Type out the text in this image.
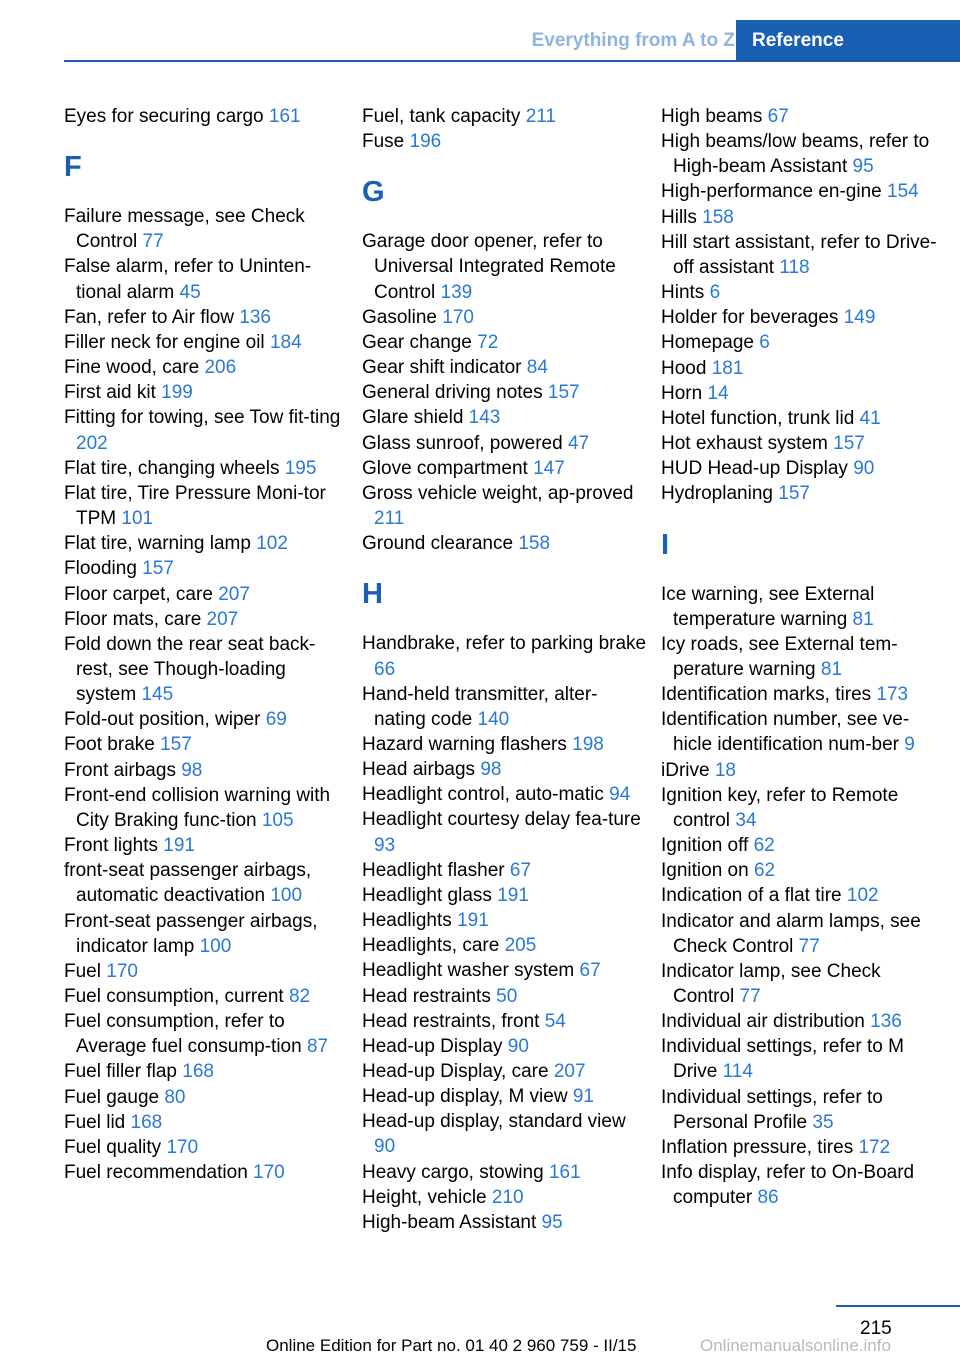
Everything from A to Z Reference
Eyes for securing cargo 161
F
Failure message, see Check Control 77
False alarm, refer to Uninten‐tional alarm 45
Fan, refer to Air flow 136
Filler neck for engine oil 184
Fine wood, care 206
First aid kit 199
Fitting for towing, see Tow fit‐ting 202
Flat tire, changing wheels 195
Flat tire, Tire Pressure Moni‐tor TPM 101
Flat tire, warning lamp 102
Flooding 157
Floor carpet, care 207
Floor mats, care 207
Fold down the rear seat back‐rest, see Though-loading system 145
Fold-out position, wiper 69
Foot brake 157
Front airbags 98
Front-end collision warning with City Braking func‐tion 105
Front lights 191
front-seat passenger airbags, automatic deactivation 100
Front-seat passenger airbags, indicator lamp 100
Fuel 170
Fuel consumption, current 82
Fuel consumption, refer to Average fuel consump‐tion 87
Fuel filler flap 168
Fuel gauge 80
Fuel lid 168
Fuel quality 170
Fuel recommendation 170
Fuel, tank capacity 211
Fuse 196
G
Garage door opener, refer to Universal Integrated Remote Control 139
Gasoline 170
Gear change 72
Gear shift indicator 84
General driving notes 157
Glare shield 143
Glass sunroof, powered 47
Glove compartment 147
Gross vehicle weight, ap‐proved 211
Ground clearance 158
H
Handbrake, refer to parking brake 66
Hand-held transmitter, alter‐nating code 140
Hazard warning flashers 198
Head airbags 98
Headlight control, auto‐matic 94
Headlight courtesy delay fea‐ture 93
Headlight flasher 67
Headlight glass 191
Headlights 191
Headlights, care 205
Headlight washer system 67
Head restraints 50
Head restraints, front 54
Head-up Display 90
Head-up Display, care 207
Head-up display, M view 91
Head-up display, standard view 90
Heavy cargo, stowing 161
Height, vehicle 210
High-beam Assistant 95
High beams 67
High beams/low beams, refer to High-beam Assistant 95
High-performance en‐gine 154
Hills 158
Hill start assistant, refer to Drive-off assistant 118
Hints 6
Holder for beverages 149
Homepage 6
Hood 181
Horn 14
Hotel function, trunk lid 41
Hot exhaust system 157
HUD Head-up Display 90
Hydroplaning 157
I
Ice warning, see External temperature warning 81
Icy roads, see External tem‐perature warning 81
Identification marks, tires 173
Identification number, see ve‐hicle identification num‐ber 9
iDrive 18
Ignition key, refer to Remote control 34
Ignition off 62
Ignition on 62
Indication of a flat tire 102
Indicator and alarm lamps, see Check Control 77
Indicator lamp, see Check Control 77
Individual air distribution 136
Individual settings, refer to M Drive 114
Individual settings, refer to Personal Profile 35
Inflation pressure, tires 172
Info display, refer to On-Board computer 86
215
Online Edition for Part no. 01 40 2 960 759 - II/15	Onlinemanualsonline.info
